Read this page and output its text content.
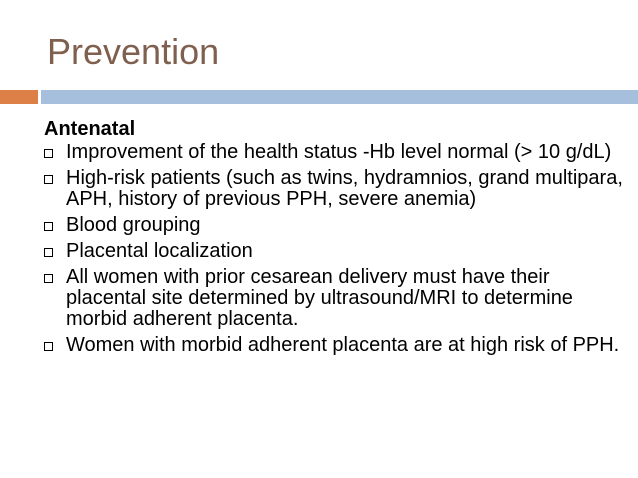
Prevention
Antenatal
Improvement of the health status -Hb level normal (> 10 g/dL)
High-risk patients (such as twins, hydramnios, grand multipara, APH, history of previous PPH, severe anemia)
Blood grouping
Placental localization
All women with prior cesarean delivery must have their placental site determined by ultrasound/MRI to determine morbid adherent placenta.
Women with morbid adherent placenta are at high risk of PPH.
